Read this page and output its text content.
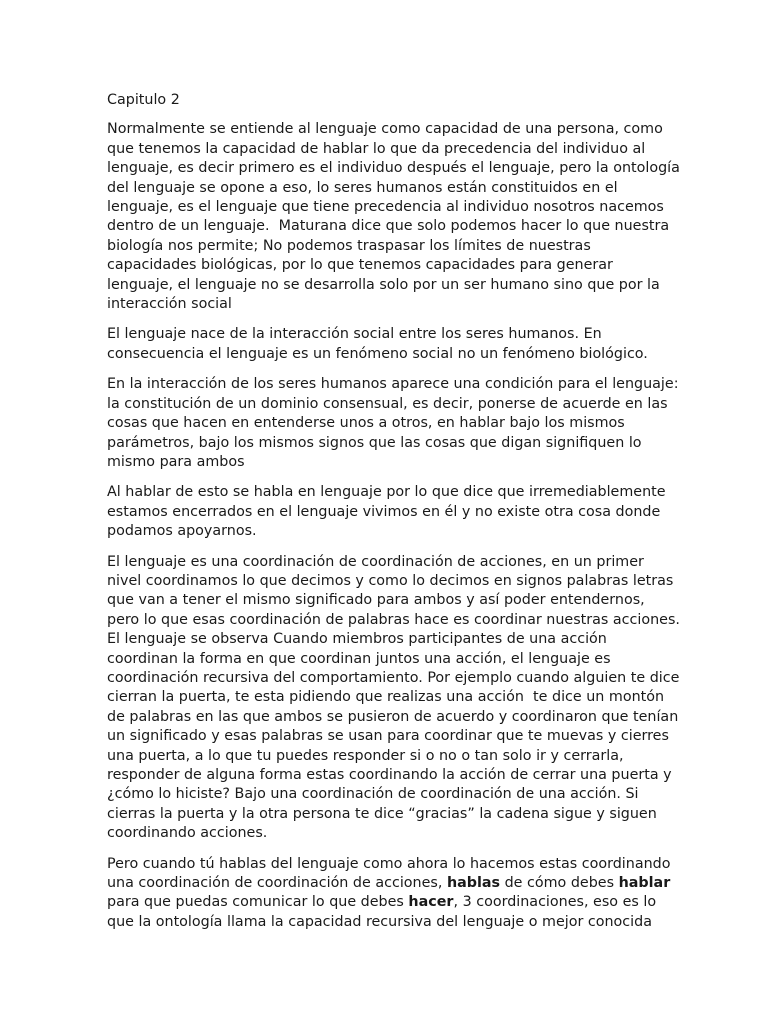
Capitulo 2
Normalmente se entiende al lenguaje como capacidad de una persona, como
que tenemos la capacidad de hablar lo que da precedencia del individuo al
lenguaje, es decir primero es el individuo después el lenguaje, pero la ontología
del lenguaje se opone a eso, lo seres humanos están constituidos en el
lenguaje, es el lenguaje que tiene precedencia al individuo nosotros nacemos
dentro de un lenguaje.  Maturana dice que solo podemos hacer lo que nuestra
biología nos permite; No podemos traspasar los límites de nuestras
capacidades biológicas, por lo que tenemos capacidades para generar
lenguaje, el lenguaje no se desarrolla solo por un ser humano sino que por la
interacción social
El lenguaje nace de la interacción social entre los seres humanos. En
consecuencia el lenguaje es un fenómeno social no un fenómeno biológico.
En la interacción de los seres humanos aparece una condición para el lenguaje:
la constitución de un dominio consensual, es decir, ponerse de acuerde en las
cosas que hacen en entenderse unos a otros, en hablar bajo los mismos
parámetros, bajo los mismos signos que las cosas que digan signifiquen lo
mismo para ambos
Al hablar de esto se habla en lenguaje por lo que dice que irremediablemente
estamos encerrados en el lenguaje vivimos en él y no existe otra cosa donde
podamos apoyarnos.
El lenguaje es una coordinación de coordinación de acciones, en un primer
nivel coordinamos lo que decimos y como lo decimos en signos palabras letras
que van a tener el mismo significado para ambos y así poder entendernos,
pero lo que esas coordinación de palabras hace es coordinar nuestras acciones.
El lenguaje se observa Cuando miembros participantes de una acción
coordinan la forma en que coordinan juntos una acción, el lenguaje es
coordinación recursiva del comportamiento. Por ejemplo cuando alguien te dice
cierran la puerta, te esta pidiendo que realizas una acción  te dice un montón
de palabras en las que ambos se pusieron de acuerdo y coordinaron que tenían
un significado y esas palabras se usan para coordinar que te muevas y cierres
una puerta, a lo que tu puedes responder si o no o tan solo ir y cerrarla,
responder de alguna forma estas coordinando la acción de cerrar una puerta y
¿cómo lo hiciste? Bajo una coordinación de coordinación de una acción. Si
cierras la puerta y la otra persona te dice “gracias” la cadena sigue y siguen
coordinando acciones.
Pero cuando tú hablas del lenguaje como ahora lo hacemos estas coordinando
una coordinación de coordinación de acciones, hablas de cómo debes hablar
para que puedas comunicar lo que debes hacer, 3 coordinaciones, eso es lo
que la ontología llama la capacidad recursiva del lenguaje o mejor conocida
